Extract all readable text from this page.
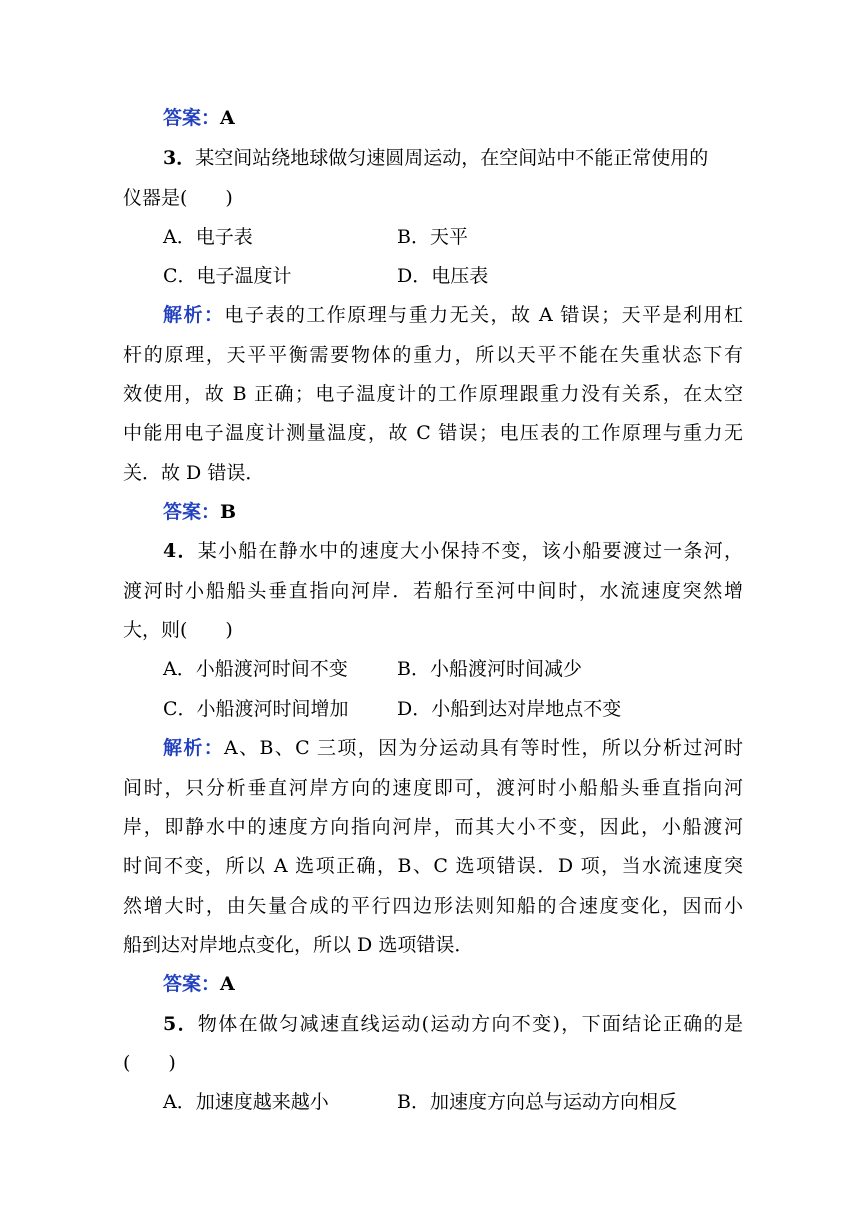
答案：A
3．某空间站绕地球做匀速圆周运动，在空间站中不能正常使用的
仪器是(　　)
A．电子表	B．天平
C．电子温度计	D．电压表
解析：电子表的工作原理与重力无关，故 A 错误；天平是利用杠
杆的原理，天平平衡需要物体的重力，所以天平不能在失重状态下有
效使用，故 B 正确；电子温度计的工作原理跟重力没有关系，在太空
中能用电子温度计测量温度，故 C 错误；电压表的工作原理与重力无
关．故 D 错误．
答案：B
4．某小船在静水中的速度大小保持不变，该小船要渡过一条河，
渡河时小船船头垂直指向河岸．若船行至河中间时，水流速度突然增
大，则(　　)
A．小船渡河时间不变	B．小船渡河时间减少
C．小船渡河时间增加	D．小船到达对岸地点不变
解析：A、B、C 三项，因为分运动具有等时性，所以分析过河时
间时，只分析垂直河岸方向的速度即可，渡河时小船船头垂直指向河
岸，即静水中的速度方向指向河岸，而其大小不变，因此，小船渡河
时间不变，所以 A 选项正确，B、C 选项错误．D 项，当水流速度突
然增大时，由矢量合成的平行四边形法则知船的合速度变化，因而小
船到达对岸地点变化，所以 D 选项错误．
答案：A
5．物体在做匀减速直线运动(运动方向不变)，下面结论正确的是
(　　)
A．加速度越来越小	B．加速度方向总与运动方向相反
